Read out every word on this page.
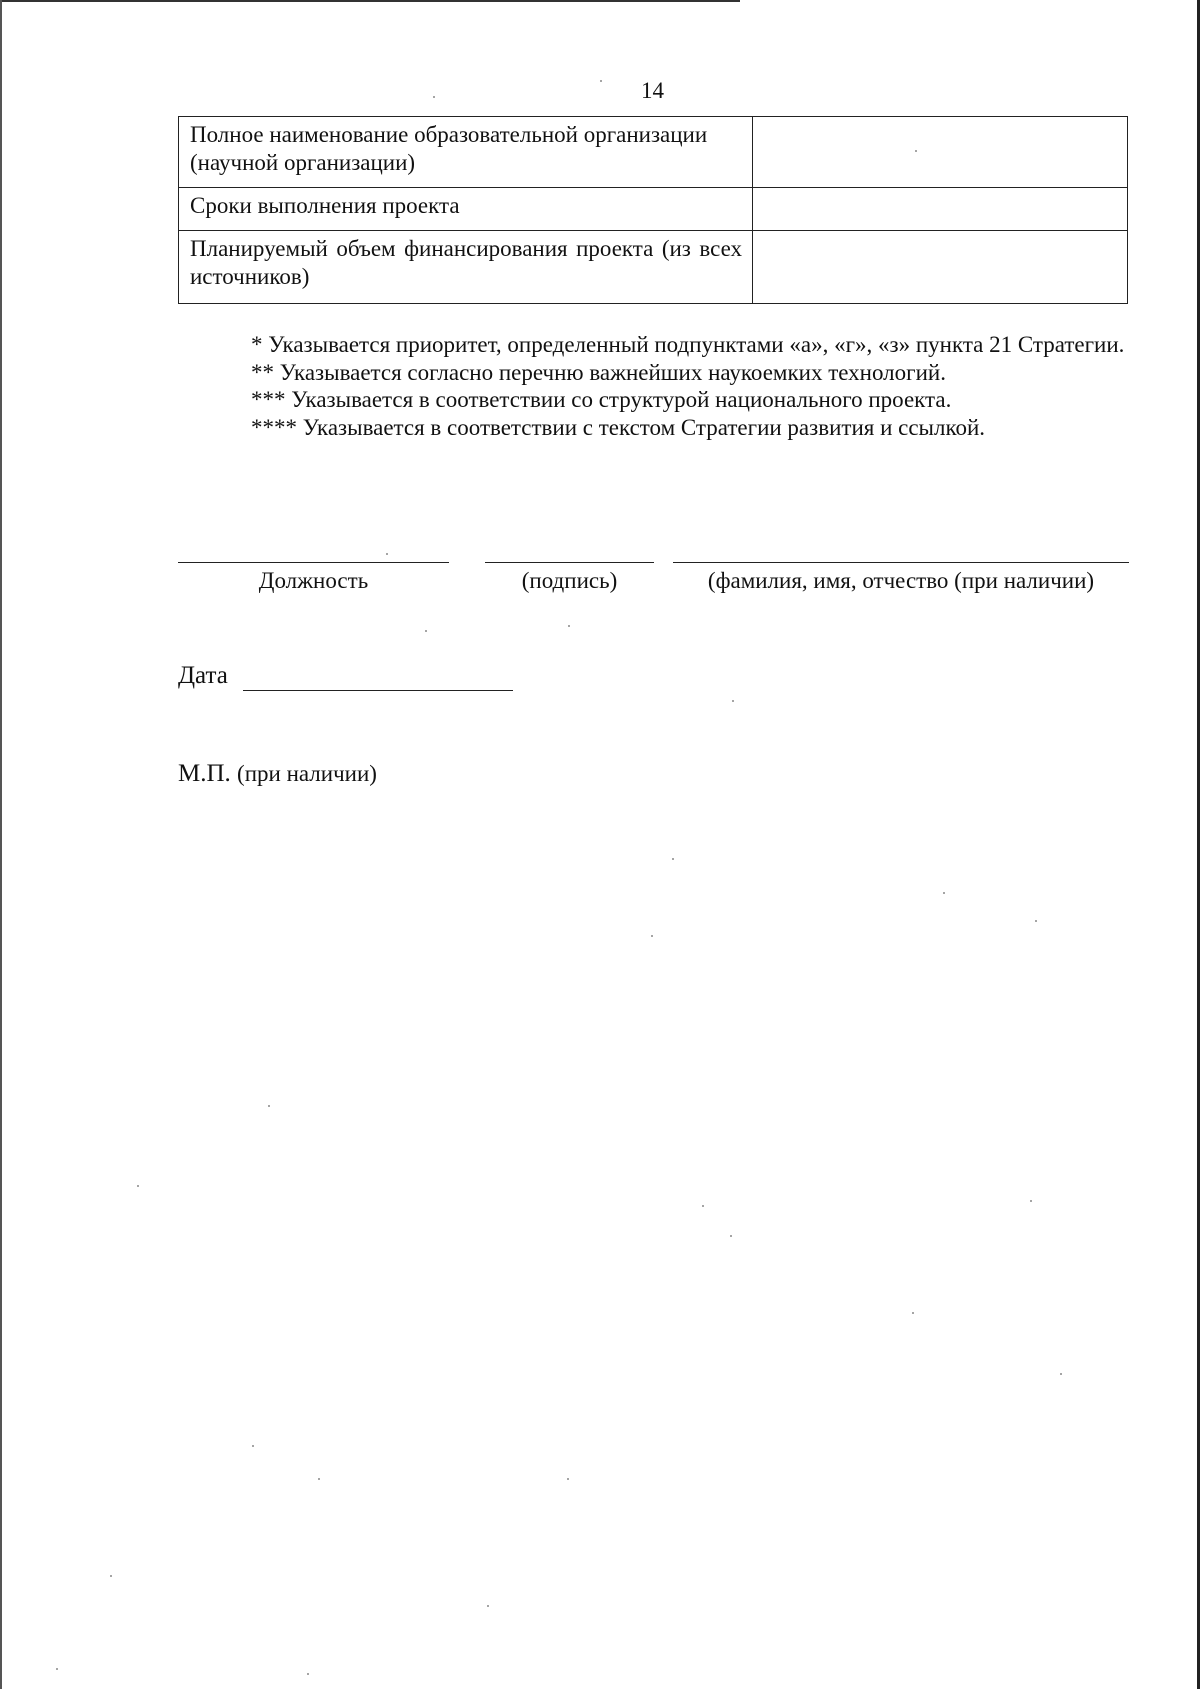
14
Полное наименование образовательной организации (научной организации)	
Сроки выполнения проекта	
Планируемый объем финансирования проекта (из всех источников)	

* Указывается приоритет, определенный подпунктами «а», «г», «з» пункта 21 Стратегии.

** Указывается согласно перечню важнейших наукоемких технологий.

*** Указывается в соответствии со структурой национального проекта.

**** Указывается в соответствии с текстом Стратегии развития и ссылкой.

Должность	(подпись)	(фамилия, имя, отчество (при наличии)
Дата
М.П. (при наличии)
